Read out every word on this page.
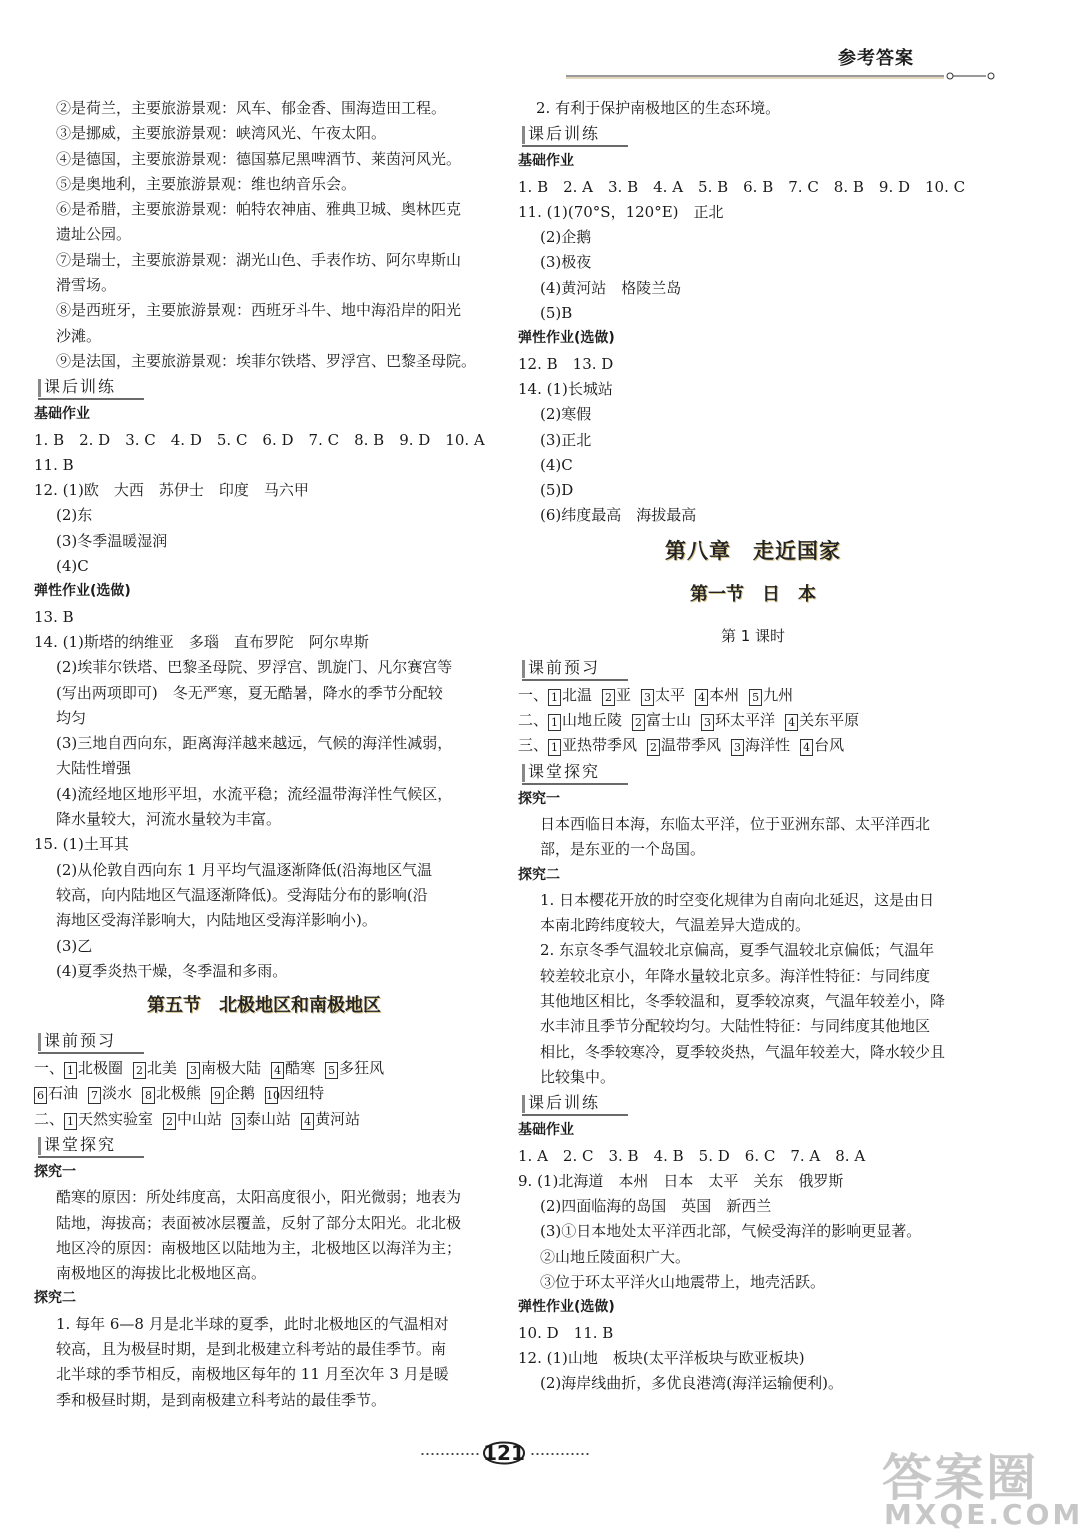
参考答案
②是荷兰，主要旅游景观：风车、郁金香、围海造田工程。
③是挪威，主要旅游景观：峡湾风光、午夜太阳。
④是德国，主要旅游景观：德国慕尼黑啤酒节、莱茵河风光。
⑤是奥地利，主要旅游景观：维也纳音乐会。
⑥是希腊，主要旅游景观：帕特农神庙、雅典卫城、奥林匹克
遗址公园。
⑦是瑞士，主要旅游景观：湖光山色、手表作坊、阿尔卑斯山
滑雪场。
⑧是西班牙，主要旅游景观：西班牙斗牛、地中海沿岸的阳光
沙滩。
⑨是法国，主要旅游景观：埃菲尔铁塔、罗浮宫、巴黎圣母院。
课后训练
基础作业
1. B　2. D　3. C　4. D　5. C　6. D　7. C　8. B　9. D　10. A
11. B
12. (1)欧　大西　苏伊士　印度　马六甲
(2)东
(3)冬季温暖湿润
(4)C
弹性作业(选做)
13. B
14. (1)斯塔的纳维亚　多瑙　直布罗陀　阿尔卑斯
(2)埃菲尔铁塔、巴黎圣母院、罗浮宫、凯旋门、凡尔赛宫等
(写出两项即可)　冬无严寒，夏无酷暑，降水的季节分配较
均匀
(3)三地自西向东，距离海洋越来越远，气候的海洋性减弱，
大陆性增强
(4)流经地区地形平坦，水流平稳；流经温带海洋性气候区，
降水量较大，河流水量较为丰富。
15. (1)土耳其
(2)从伦敦自西向东 1 月平均气温逐渐降低(沿海地区气温
较高，向内陆地区气温逐渐降低)。受海陆分布的影响(沿
海地区受海洋影响大，内陆地区受海洋影响小)。
(3)乙
(4)夏季炎热干燥，冬季温和多雨。
第五节　北极地区和南极地区
课前预习
一、 1 北极圈 2 北美 3 南极大陆 4 酷寒 5 多狂风
6 石油 7 淡水 8 北极熊 9 企鹅 10因纽特
二、 1 天然实验室 2 中山站 3 泰山站 4 黄河站
课堂探究
探究一
酷寒的原因：所处纬度高，太阳高度很小，阳光微弱；地表为
陆地，海拔高；表面被冰层覆盖，反射了部分太阳光。北北极
地区冷的原因：南极地区以陆地为主，北极地区以海洋为主；
南极地区的海拔比北极地区高。
探究二
1. 每年 6—8 月是北半球的夏季，此时北极地区的气温相对
较高，且为极昼时期，是到北极建立科考站的最佳季节。南
北半球的季节相反，南极地区每年的 11 月至次年 3 月是暖
季和极昼时期，是到南极建立科考站的最佳季节。
2. 有利于保护南极地区的生态环境。
课后训练
基础作业
1. B　2. A　3. B　4. A　5. B　6. B　7. C　8. B　9. D　10. C
11. (1)(70°S，120°E)　正北
(2)企鹅
(3)极夜
(4)黄河站　格陵兰岛
(5)B
弹性作业(选做)
12. B　13. D
14. (1)长城站
(2)寒假
(3)正北
(4)C
(5)D
(6)纬度最高　海拔最高
第八章　走近国家
第一节　日　本
第 1 课时
课前预习
一、 1 北温 2 亚 3 太平 4 本州 5 九州
二、 1 山地丘陵 2 富士山 3 环太平洋 4 关东平原
三、 1 亚热带季风 2 温带季风 3 海洋性 4 台风
课堂探究
探究一
日本西临日本海，东临太平洋，位于亚洲东部、太平洋西北
部，是东亚的一个岛国。
探究二
1. 日本樱花开放的时空变化规律为自南向北延迟，这是由日
本南北跨纬度较大，气温差异大造成的。
2. 东京冬季气温较北京偏高，夏季气温较北京偏低；气温年
较差较北京小，年降水量较北京多。海洋性特征：与同纬度
其他地区相比，冬季较温和，夏季较凉爽，气温年较差小，降
水丰沛且季节分配较均匀。大陆性特征：与同纬度其他地区
相比，冬季较寒冷，夏季较炎热，气温年较差大，降水较少且
比较集中。
课后训练
基础作业
1. A　2. C　3. B　4. B　5. D　6. C　7. A　8. A
9. (1)北海道　本州　日本　太平　关东　俄罗斯
(2)四面临海的岛国　英国　新西兰
(3)①日本地处太平洋西北部，气候受海洋的影响更显著。
②山地丘陵面积广大。
③位于环太平洋火山地震带上，地壳活跃。
弹性作业(选做)
10. D　11. B
12. (1)山地　板块(太平洋板块与欧亚板块)
(2)海岸线曲折，多优良港湾(海洋运输便利)。
121	答案圈
MXQE.COM
